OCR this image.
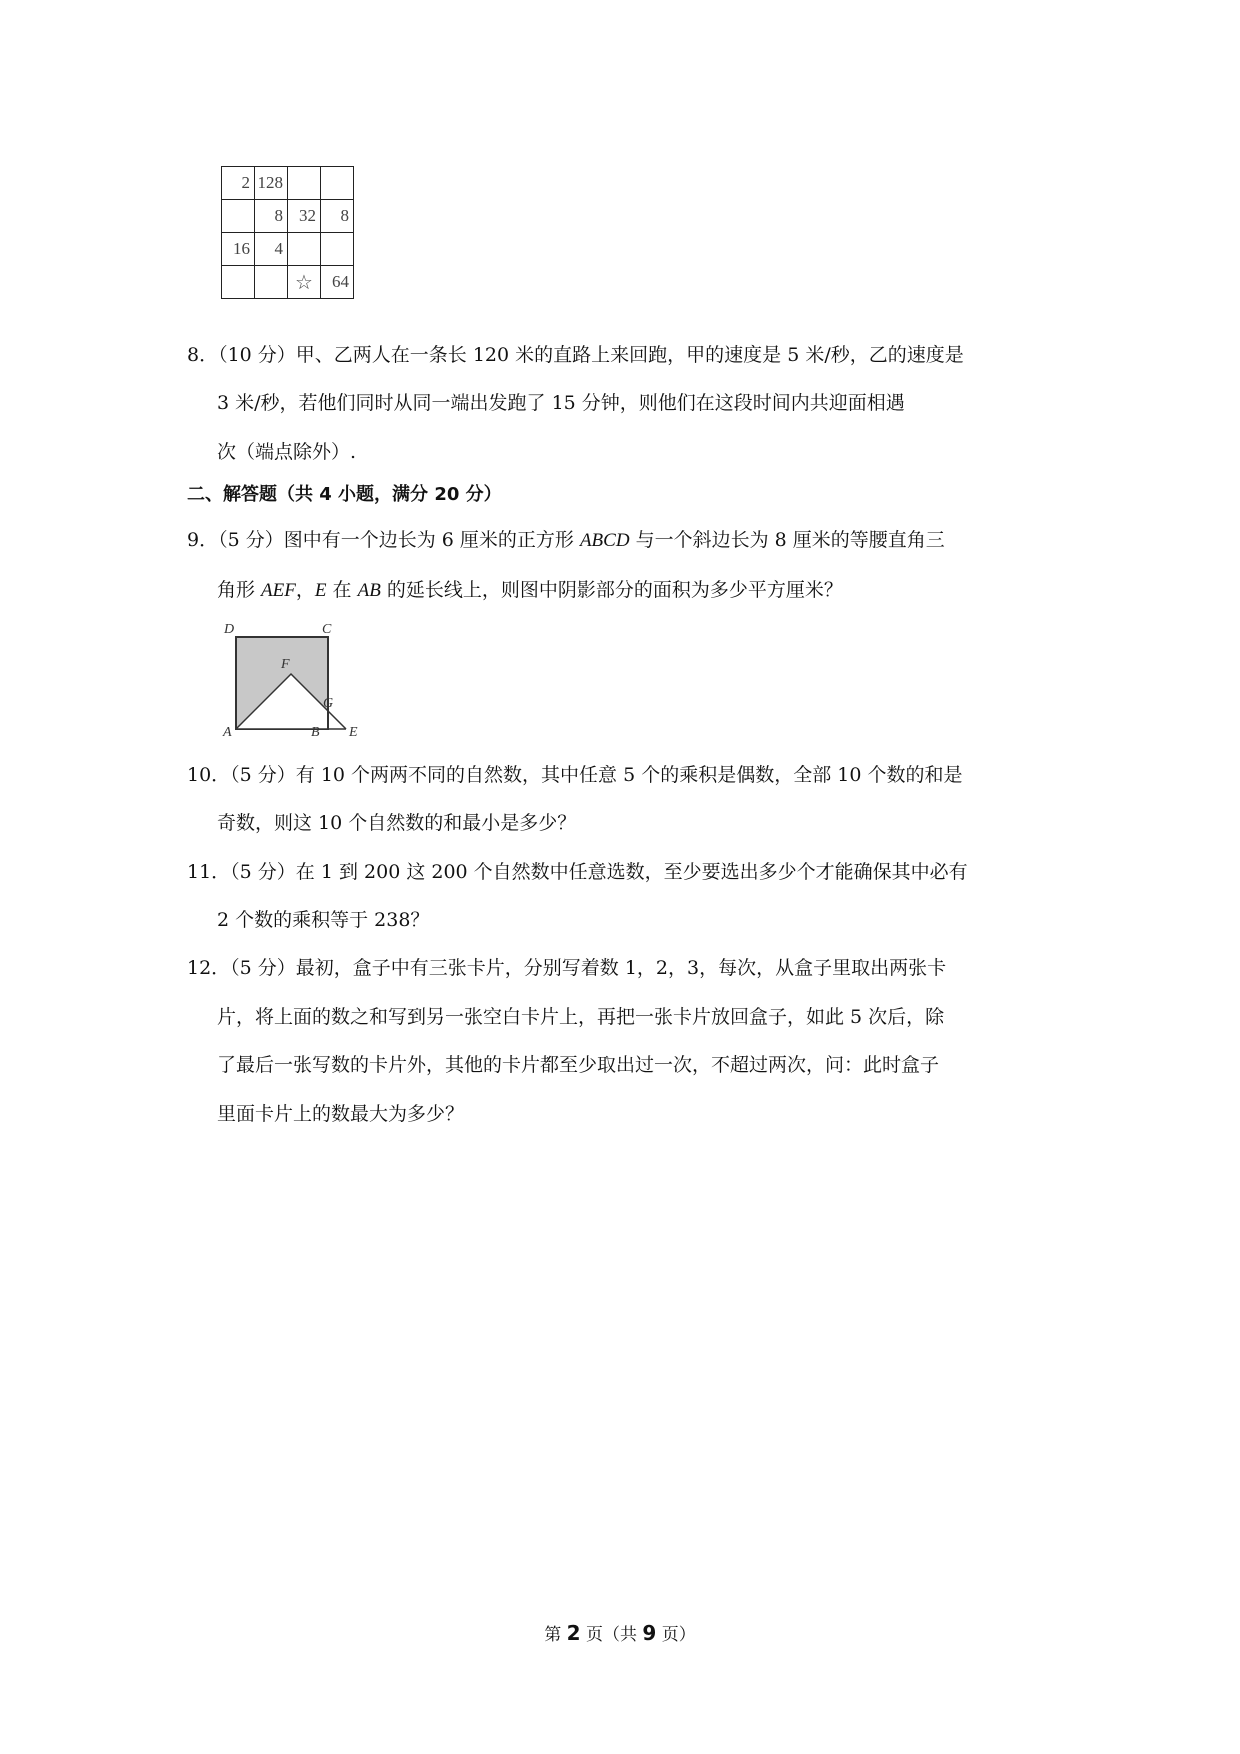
2	128		
	8	32	8
16	4		
		☆	64
8．（10 分）甲、乙两人在一条长 120 米的直路上来回跑，甲的速度是 5 米/秒，乙的速度是
3 米/秒，若他们同时从同一端出发跑了 15 分钟，则他们在这段时间内共迎面相遇
次（端点除外）.
二、解答题（共 4 小题，满分 20 分）
9．（5 分）图中有一个边长为 6 厘米的正方形 ABCD 与一个斜边长为 8 厘米的等腰直角三
角形 AEF，E 在 AB 的延长线上，则图中阴影部分的面积为多少平方厘米？
D	C
F
G
A	B E
10．（5 分）有 10 个两两不同的自然数，其中任意 5 个的乘积是偶数，全部 10 个数的和是
奇数，则这 10 个自然数的和最小是多少？
11．（5 分）在 1 到 200 这 200 个自然数中任意选数，至少要选出多少个才能确保其中必有
2 个数的乘积等于 238？
12．（5 分）最初，盒子中有三张卡片，分别写着数 1，2，3，每次，从盒子里取出两张卡
片，将上面的数之和写到另一张空白卡片上，再把一张卡片放回盒子，如此 5 次后，除
了最后一张写数的卡片外，其他的卡片都至少取出过一次，不超过两次，问：此时盒子
里面卡片上的数最大为多少？
第 2 页（共 9 页）
